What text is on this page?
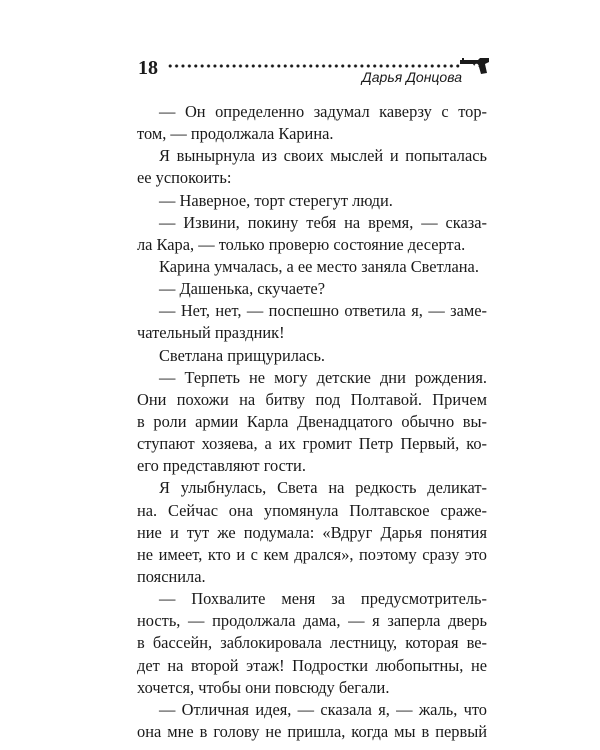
18	Дарья Донцова
— Он определенно задумал каверзу с тор-
том, — продолжала Карина.
Я вынырнула из своих мыслей и попыталась
ее успокоить:
— Наверное, торт стерегут люди.
— Извини, покину тебя на время, — сказа-
ла Кара, — только проверю состояние десерта.
Карина умчалась, а ее место заняла Светлана.
— Дашенька, скучаете?
— Нет, нет, — поспешно ответила я, — заме-
чательный праздник!
Светлана прищурилась.
— Терпеть не могу детские дни рождения.
Они похожи на битву под Полтавой. Причем
в роли армии Карла Двенадцатого обычно вы-
ступают хозяева, а их громит Петр Первый, ко-
его представляют гости.
Я улыбнулась, Света на редкость деликат-
на. Сейчас она упомянула Полтавское сраже-
ние и тут же подумала: «Вдруг Дарья понятия
не имеет, кто и с кем дрался», поэтому сразу это
пояснила.
— Похвалите меня за предусмотритель-
ность, — продолжала дама, — я заперла дверь
в бассейн, заблокировала лестницу, которая ве-
дет на второй этаж! Подростки любопытны, не
хочется, чтобы они повсюду бегали.
— Отличная идея, — сказала я, — жаль, что
она мне в голову не пришла, когда мы в первый
